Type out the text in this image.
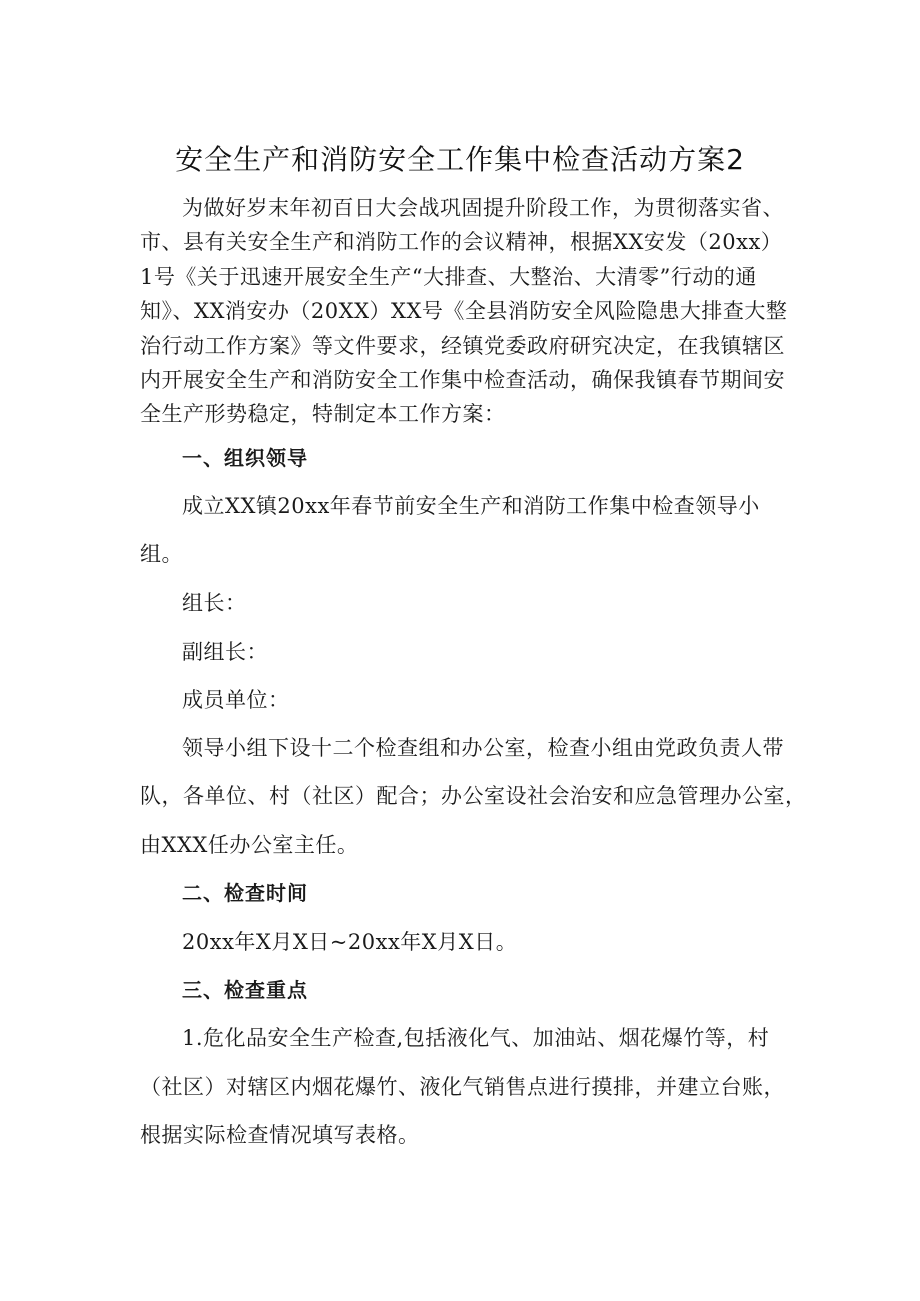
安全生产和消防安全工作集中检查活动方案2
为做好岁末年初百日大会战巩固提升阶段工作，为贯彻落实省、
市、县有关安全生产和消防工作的会议精神，根据XX安发（20xx）
1号《关于迅速开展安全生产“大排查、大整治、大清零”行动的通
知》、XX消安办（20XX）XX号《全县消防安全风险隐患大排查大整
治行动工作方案》等文件要求，经镇党委政府研究决定，在我镇辖区
内开展安全生产和消防安全工作集中检查活动，确保我镇春节期间安
全生产形势稳定，特制定本工作方案：
一、组织领导
成立XX镇20xx年春节前安全生产和消防工作集中检查领导小
组。
组长：
副组长：
成员单位：
领导小组下设十二个检查组和办公室，检查小组由党政负责人带
队，各单位、村（社区）配合；办公室设社会治安和应急管理办公室，
由XXX任办公室主任。
二、检查时间
20xx年X月X日~20xx年X月X日。
三、检查重点
1.危化品安全生产检查,包括液化气、加油站、烟花爆竹等，村
（社区）对辖区内烟花爆竹、液化气销售点进行摸排，并建立台账，
根据实际检查情况填写表格。
